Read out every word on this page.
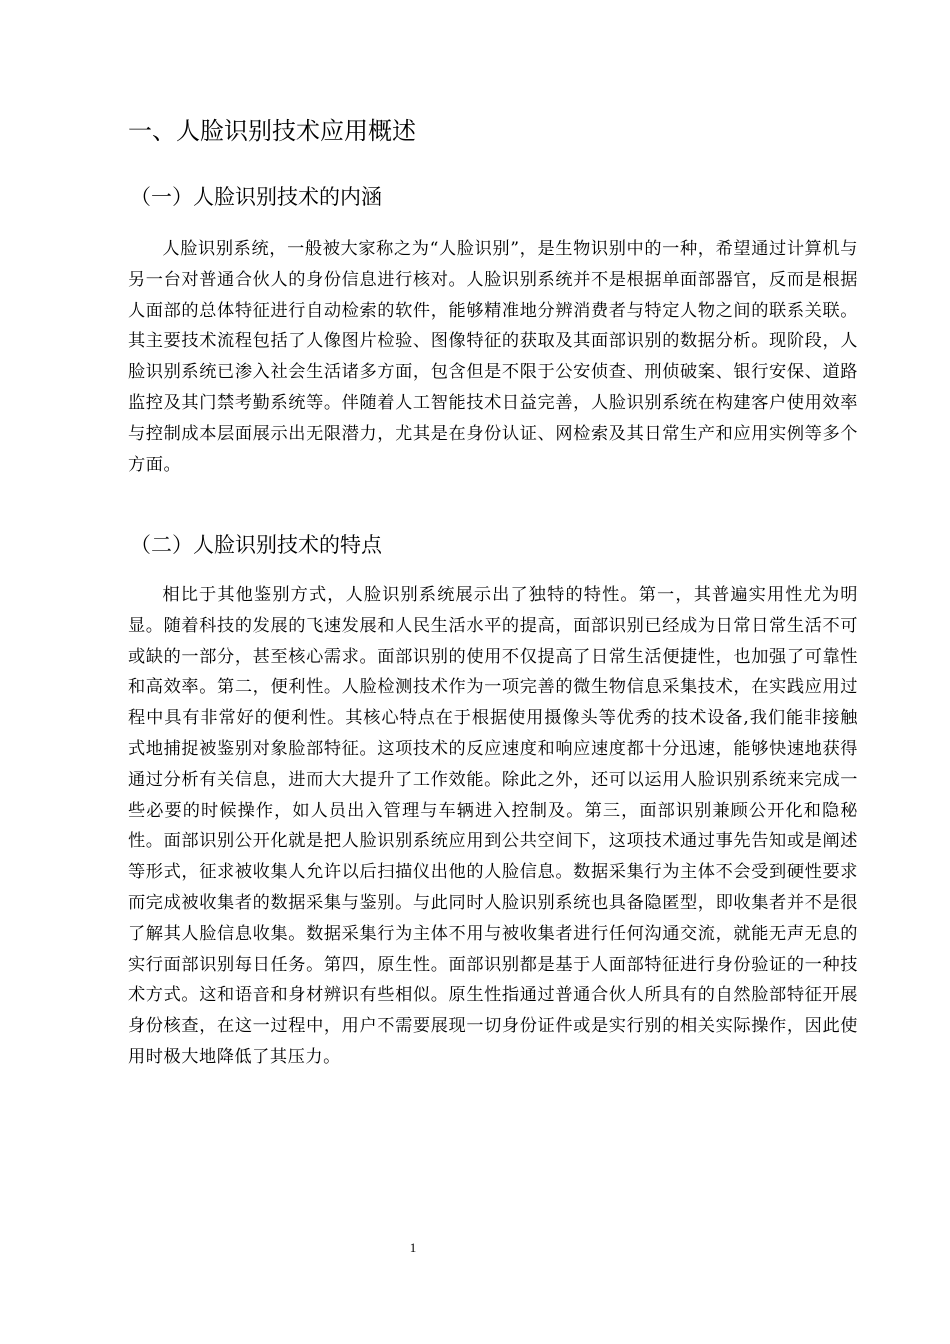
一、人脸识别技术应用概述
（一）人脸识别技术的内涵

人脸识别系统，一般被大家称之为“人脸识别”，是生物识别中的一种，希望通过计算机与另一台对普通合伙人的身份信息进行核对。人脸识别系统并不是根据单面部器官，反而是根据人面部的总体特征进行自动检索的软件，能够精准地分辨消费者与特定人物之间的联系关联。其主要技术流程包括了人像图片检验、图像特征的获取及其面部识别的数据分析。现阶段，人脸识别系统已渗入社会生活诸多方面，包含但是不限于公安侦查、刑侦破案、银行安保、道路监控及其门禁考勤系统等。伴随着人工智能技术日益完善，人脸识别系统在构建客户使用效率与控制成本层面展示出无限潜力，尤其是在身份认证、网检索及其日常生产和应用实例等多个方面。

（二）人脸识别技术的特点

相比于其他鉴别方式，人脸识别系统展示出了独特的特性。第一，其普遍实用性尤为明显。随着科技的发展的飞速发展和人民生活水平的提高，面部识别已经成为日常日常生活不可或缺的一部分，甚至核心需求。面部识别的使用不仅提高了日常生活便捷性，也加强了可靠性和高效率。第二，便利性。人脸检测技术作为一项完善的微生物信息采集技术，在实践应用过程中具有非常好的便利性。其核心特点在于根据使用摄像头等优秀的技术设备,我们能非接触式地捕捉被鉴别对象脸部特征。这项技术的反应速度和响应速度都十分迅速，能够快速地获得通过分析有关信息，进而大大提升了工作效能。除此之外，还可以运用人脸识别系统来完成一些必要的时候操作，如人员出入管理与车辆进入控制及。第三，面部识别兼顾公开化和隐秘性。面部识别公开化就是把人脸识别系统应用到公共空间下，这项技术通过事先告知或是阐述等形式，征求被收集人允许以后扫描仪出他的人脸信息。数据采集行为主体不会受到硬性要求而完成被收集者的数据采集与鉴别。与此同时人脸识别系统也具备隐匿型，即收集者并不是很了解其人脸信息收集。数据采集行为主体不用与被收集者进行任何沟通交流，就能无声无息的实行面部识别每日任务。第四，原生性。面部识别都是基于人面部特征进行身份验证的一种技术方式。这和语音和身材辨识有些相似。原生性指通过普通合伙人所具有的自然脸部特征开展身份核查，在这一过程中，用户不需要展现一切身份证件或是实行别的相关实际操作，因此使用时极大地降低了其压力。

1
